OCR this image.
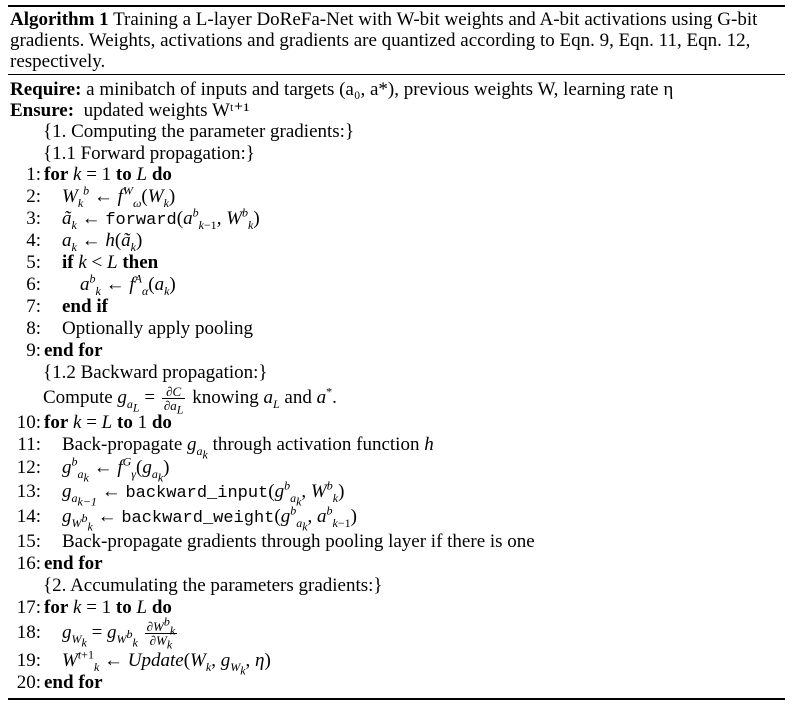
Algorithm 1 Training a L-layer DoReFa-Net with W-bit weights and A-bit activations using G-bit gradients. Weights, activations and gradients are quantized according to Eqn. 9, Eqn. 11, Eqn. 12, respectively.
Require: a minibatch of inputs and targets (a₀, a*), previous weights W, learning rate η
Ensure: updated weights Wᵗ⁺¹
{1. Computing the parameter gradients:}
{1.1 Forward propagation:}
1: for k = 1 to L do
2: $W_k^b$ ← $f^W_\omega(W_k)$
3: $ã_k$ ← $forward(a^b_{k-1}$, $W^b_k$)
4: $a_k$ ← $h(ã_k)$
5: if k < L then
6: $a^b_k$ ← $f^A_\alpha(a_k)$
7: end if
8: Optionally apply pooling
9: end for
{1.2 Backward propagation:}
Compute $g_{a_L} = \frac{\partial C}{\partial a_L}$ knowing $a_L$ and a*.
10: for k = L to 1 do
11: Back-propagate $g_{a_k}$ through activation function h
12: $g^b_{a_k}$ ← $f^G_\gamma(g_{a_k})$
13: $g_{a_{k-1}}$ ← $backward\_input(g^b_{a_k}$, $W^b_k$)
14: $g_{W^b_k}$ ← $backward\_weight(g^b_{a_k}$, $a^b_{k-1}$)
15: Back-propagate gradients through pooling layer if there is one
16: end for
{2. Accumulating the parameters gradients:}
17: for k = 1 to L do
18: $g_{W_k} = g_{W^b_k} \frac{\partial W^b_k}{\partial W_k}$
19: $W^{t+1}_k$ ← $Update(W_k$, $g_{W_k}$, η)
20: end for
